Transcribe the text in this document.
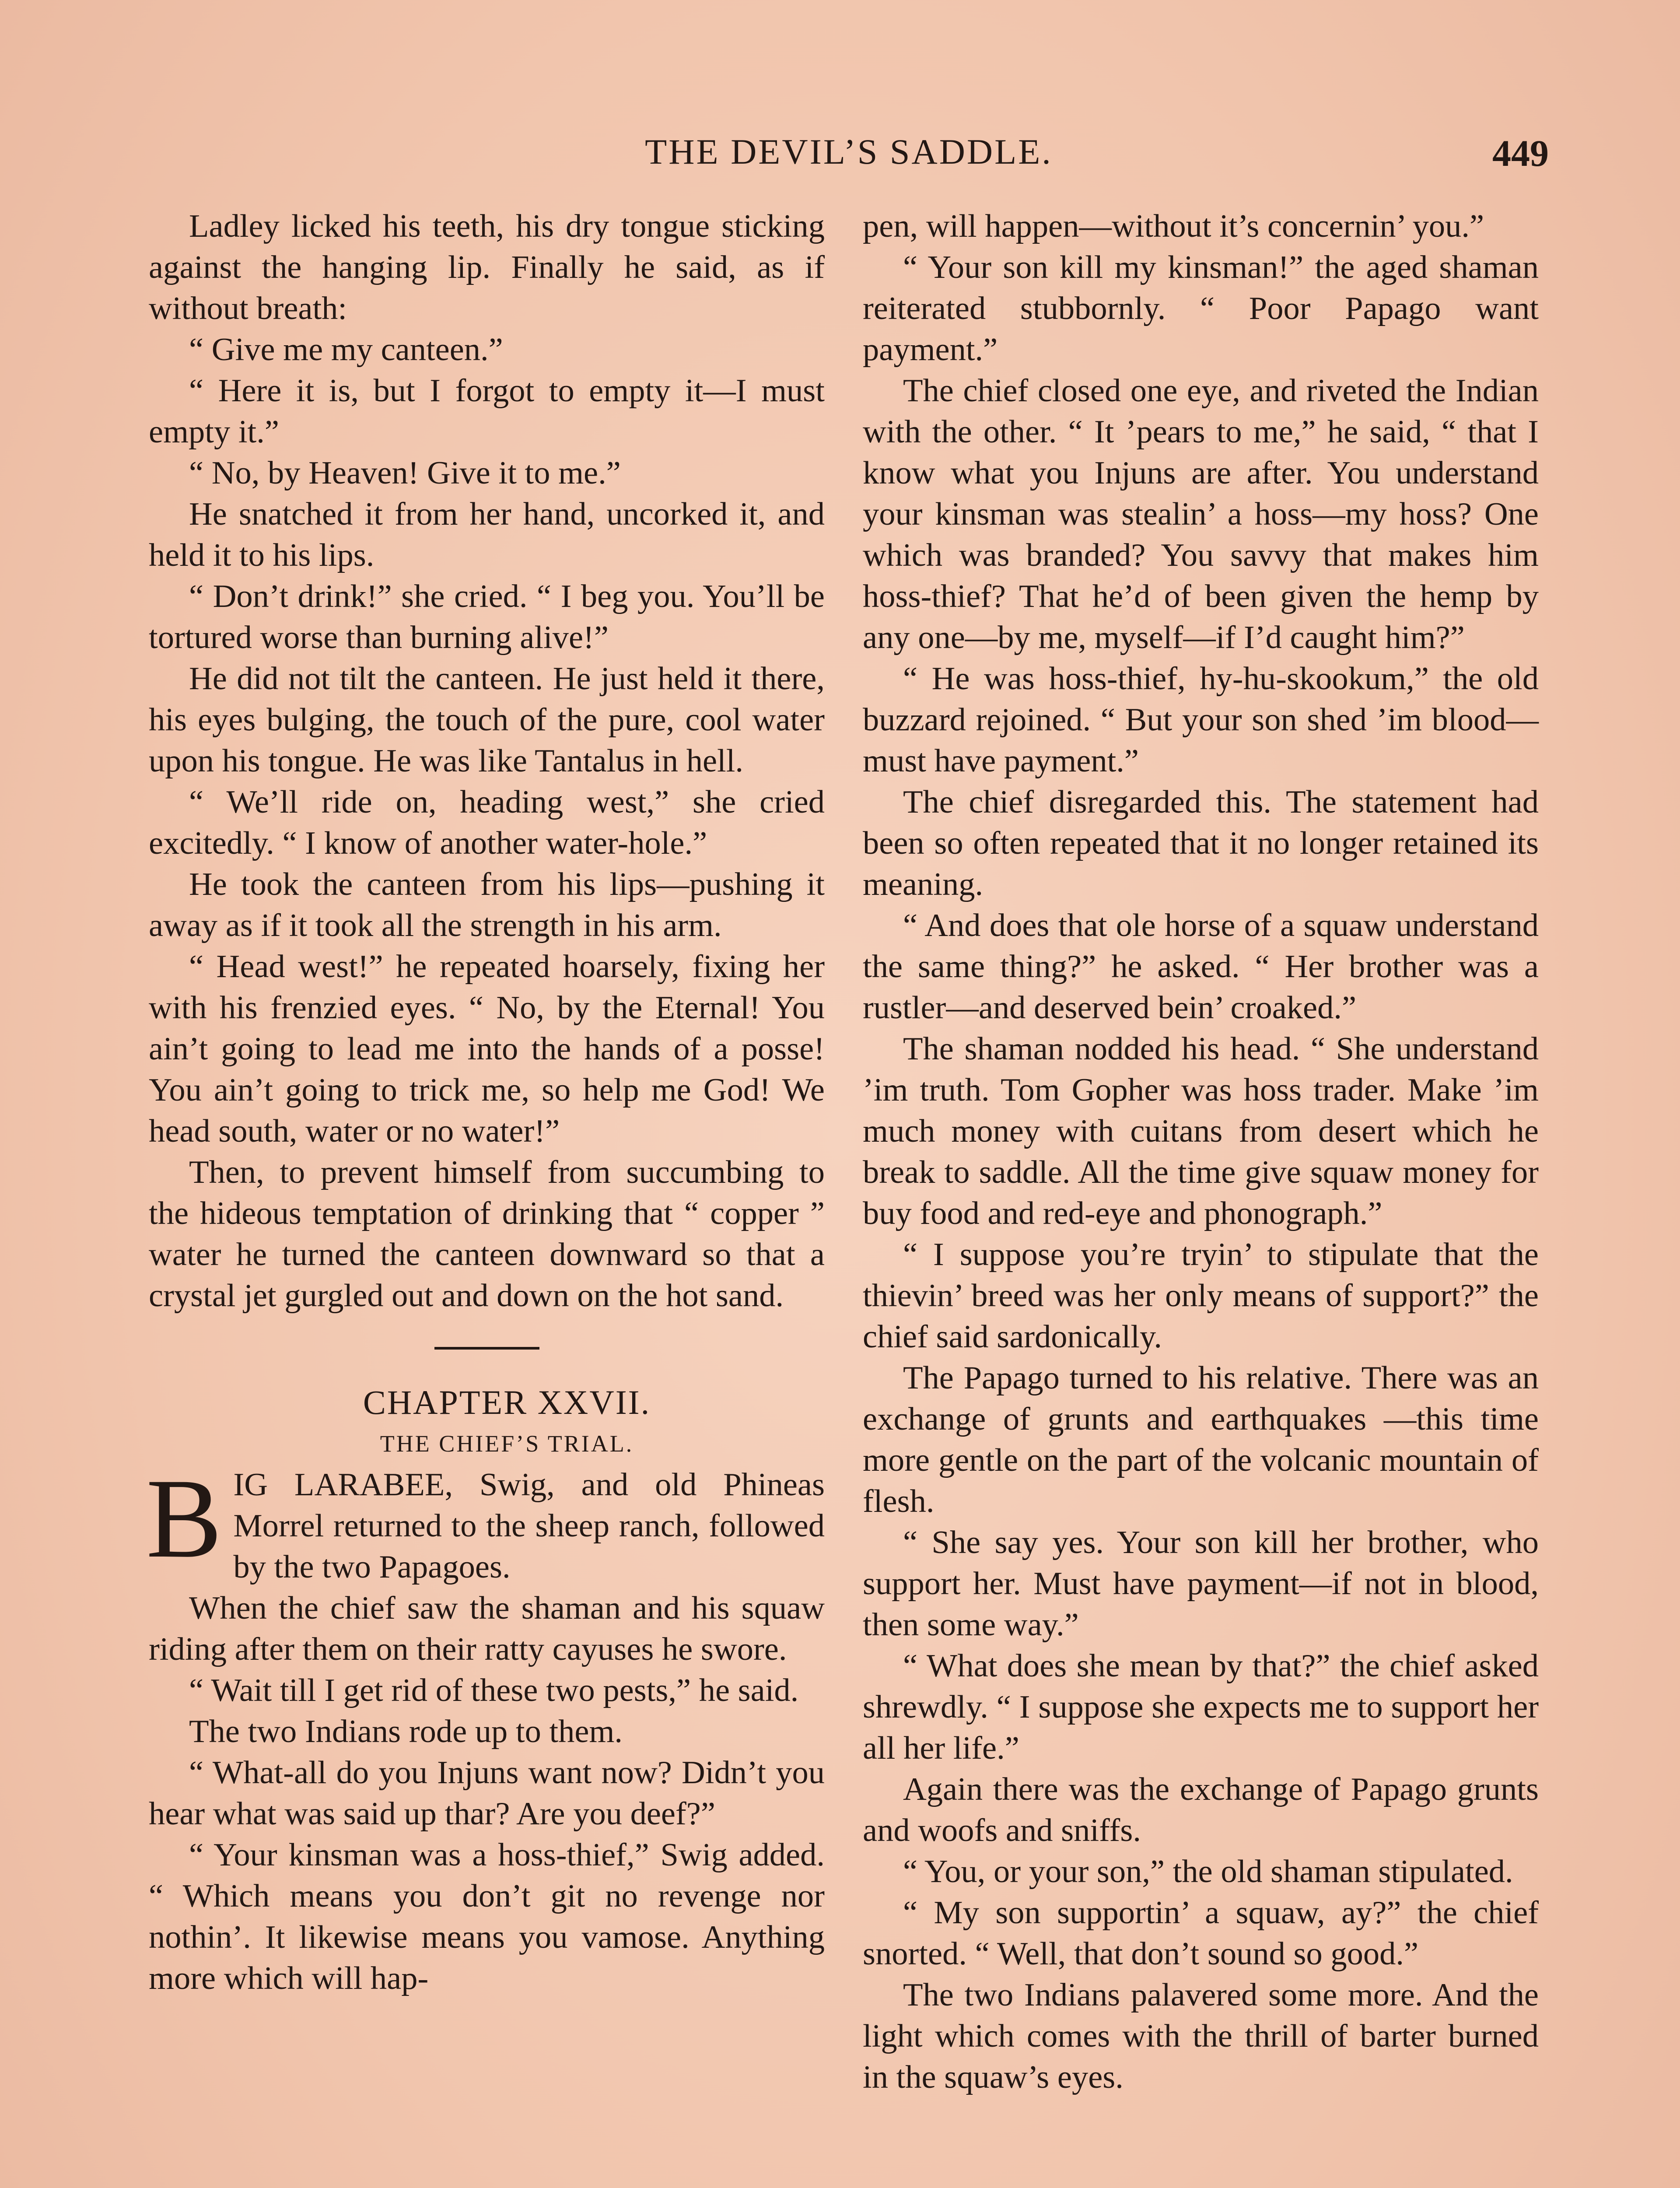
THE DEVIL’S SADDLE.	449

Ladley licked his teeth, his dry tongue sticking against the hanging lip. Finally he said, as if without breath:

“ Give me my canteen.”

“ Here it is, but I forgot to empty it—I must empty it.”

“ No, by Heaven! Give it to me.”

He snatched it from her hand, uncorked it, and held it to his lips.

“ Don’t drink!” she cried. “ I beg you. You’ll be tortured worse than burning alive!”

He did not tilt the canteen. He just held it there, his eyes bulging, the touch of the pure, cool water upon his tongue. He was like Tantalus in hell.

“ We’ll ride on, heading west,” she cried excitedly. “ I know of another water-hole.”

He took the canteen from his lips—pushing it away as if it took all the strength in his arm.

“ Head west!” he repeated hoarsely, fixing her with his frenzied eyes. “ No, by the Eternal! You ain’t going to lead me into the hands of a posse! You ain’t going to trick me, so help me God! We head south, water or no water!”

Then, to prevent himself from succumbing to the hideous temptation of drinking that “ copper ” water he turned the canteen downward so that a crystal jet gurgled out and down on the hot sand.

CHAPTER XXVII.

THE CHIEF’S TRIAL.

BIG LARABEE, Swig, and old Phineas Morrel returned to the sheep ranch, followed by the two Papagoes.

When the chief saw the shaman and his squaw riding after them on their ratty cayuses he swore.

“ Wait till I get rid of these two pests,” he said.

The two Indians rode up to them.

“ What-all do you Injuns want now? Didn’t you hear what was said up thar? Are you deef?”

“ Your kinsman was a hoss-thief,” Swig added. “ Which means you don’t git no revenge nor nothin’. It likewise means you vamose. Anything more which will hap-

pen, will happen—without it’s concernin’ you.”

“ Your son kill my kinsman!” the aged shaman reiterated stubbornly. “ Poor Papago want payment.”

The chief closed one eye, and riveted the Indian with the other. “ It ’pears to me,” he said, “ that I know what you Injuns are after. You understand your kinsman was stealin’ a hoss—my hoss? One which was branded? You savvy that makes him hoss-thief? That he’d of been given the hemp by any one—by me, myself—if I’d caught him?”

“ He was hoss-thief, hy-hu-skookum,” the old buzzard rejoined. “ But your son shed ’im blood—must have payment.”

The chief disregarded this. The statement had been so often repeated that it no longer retained its meaning.

“ And does that ole horse of a squaw understand the same thing?” he asked. “ Her brother was a rustler—and deserved bein’ croaked.”

The shaman nodded his head. “ She understand ’im truth. Tom Gopher was hoss trader. Make ’im much money with cuitans from desert which he break to saddle. All the time give squaw money for buy food and red-eye and phonograph.”

“ I suppose you’re tryin’ to stipulate that the thievin’ breed was her only means of support?” the chief said sardonically.

The Papago turned to his relative. There was an exchange of grunts and earthquakes —this time more gentle on the part of the volcanic mountain of flesh.

“ She say yes. Your son kill her brother, who support her. Must have payment—if not in blood, then some way.”

“ What does she mean by that?” the chief asked shrewdly. “ I suppose she expects me to support her all her life.”

Again there was the exchange of Papago grunts and woofs and sniffs.

“ You, or your son,” the old shaman stipulated.

“ My son supportin’ a squaw, ay?” the chief snorted. “ Well, that don’t sound so good.”

The two Indians palavered some more. And the light which comes with the thrill of barter burned in the squaw’s eyes.
